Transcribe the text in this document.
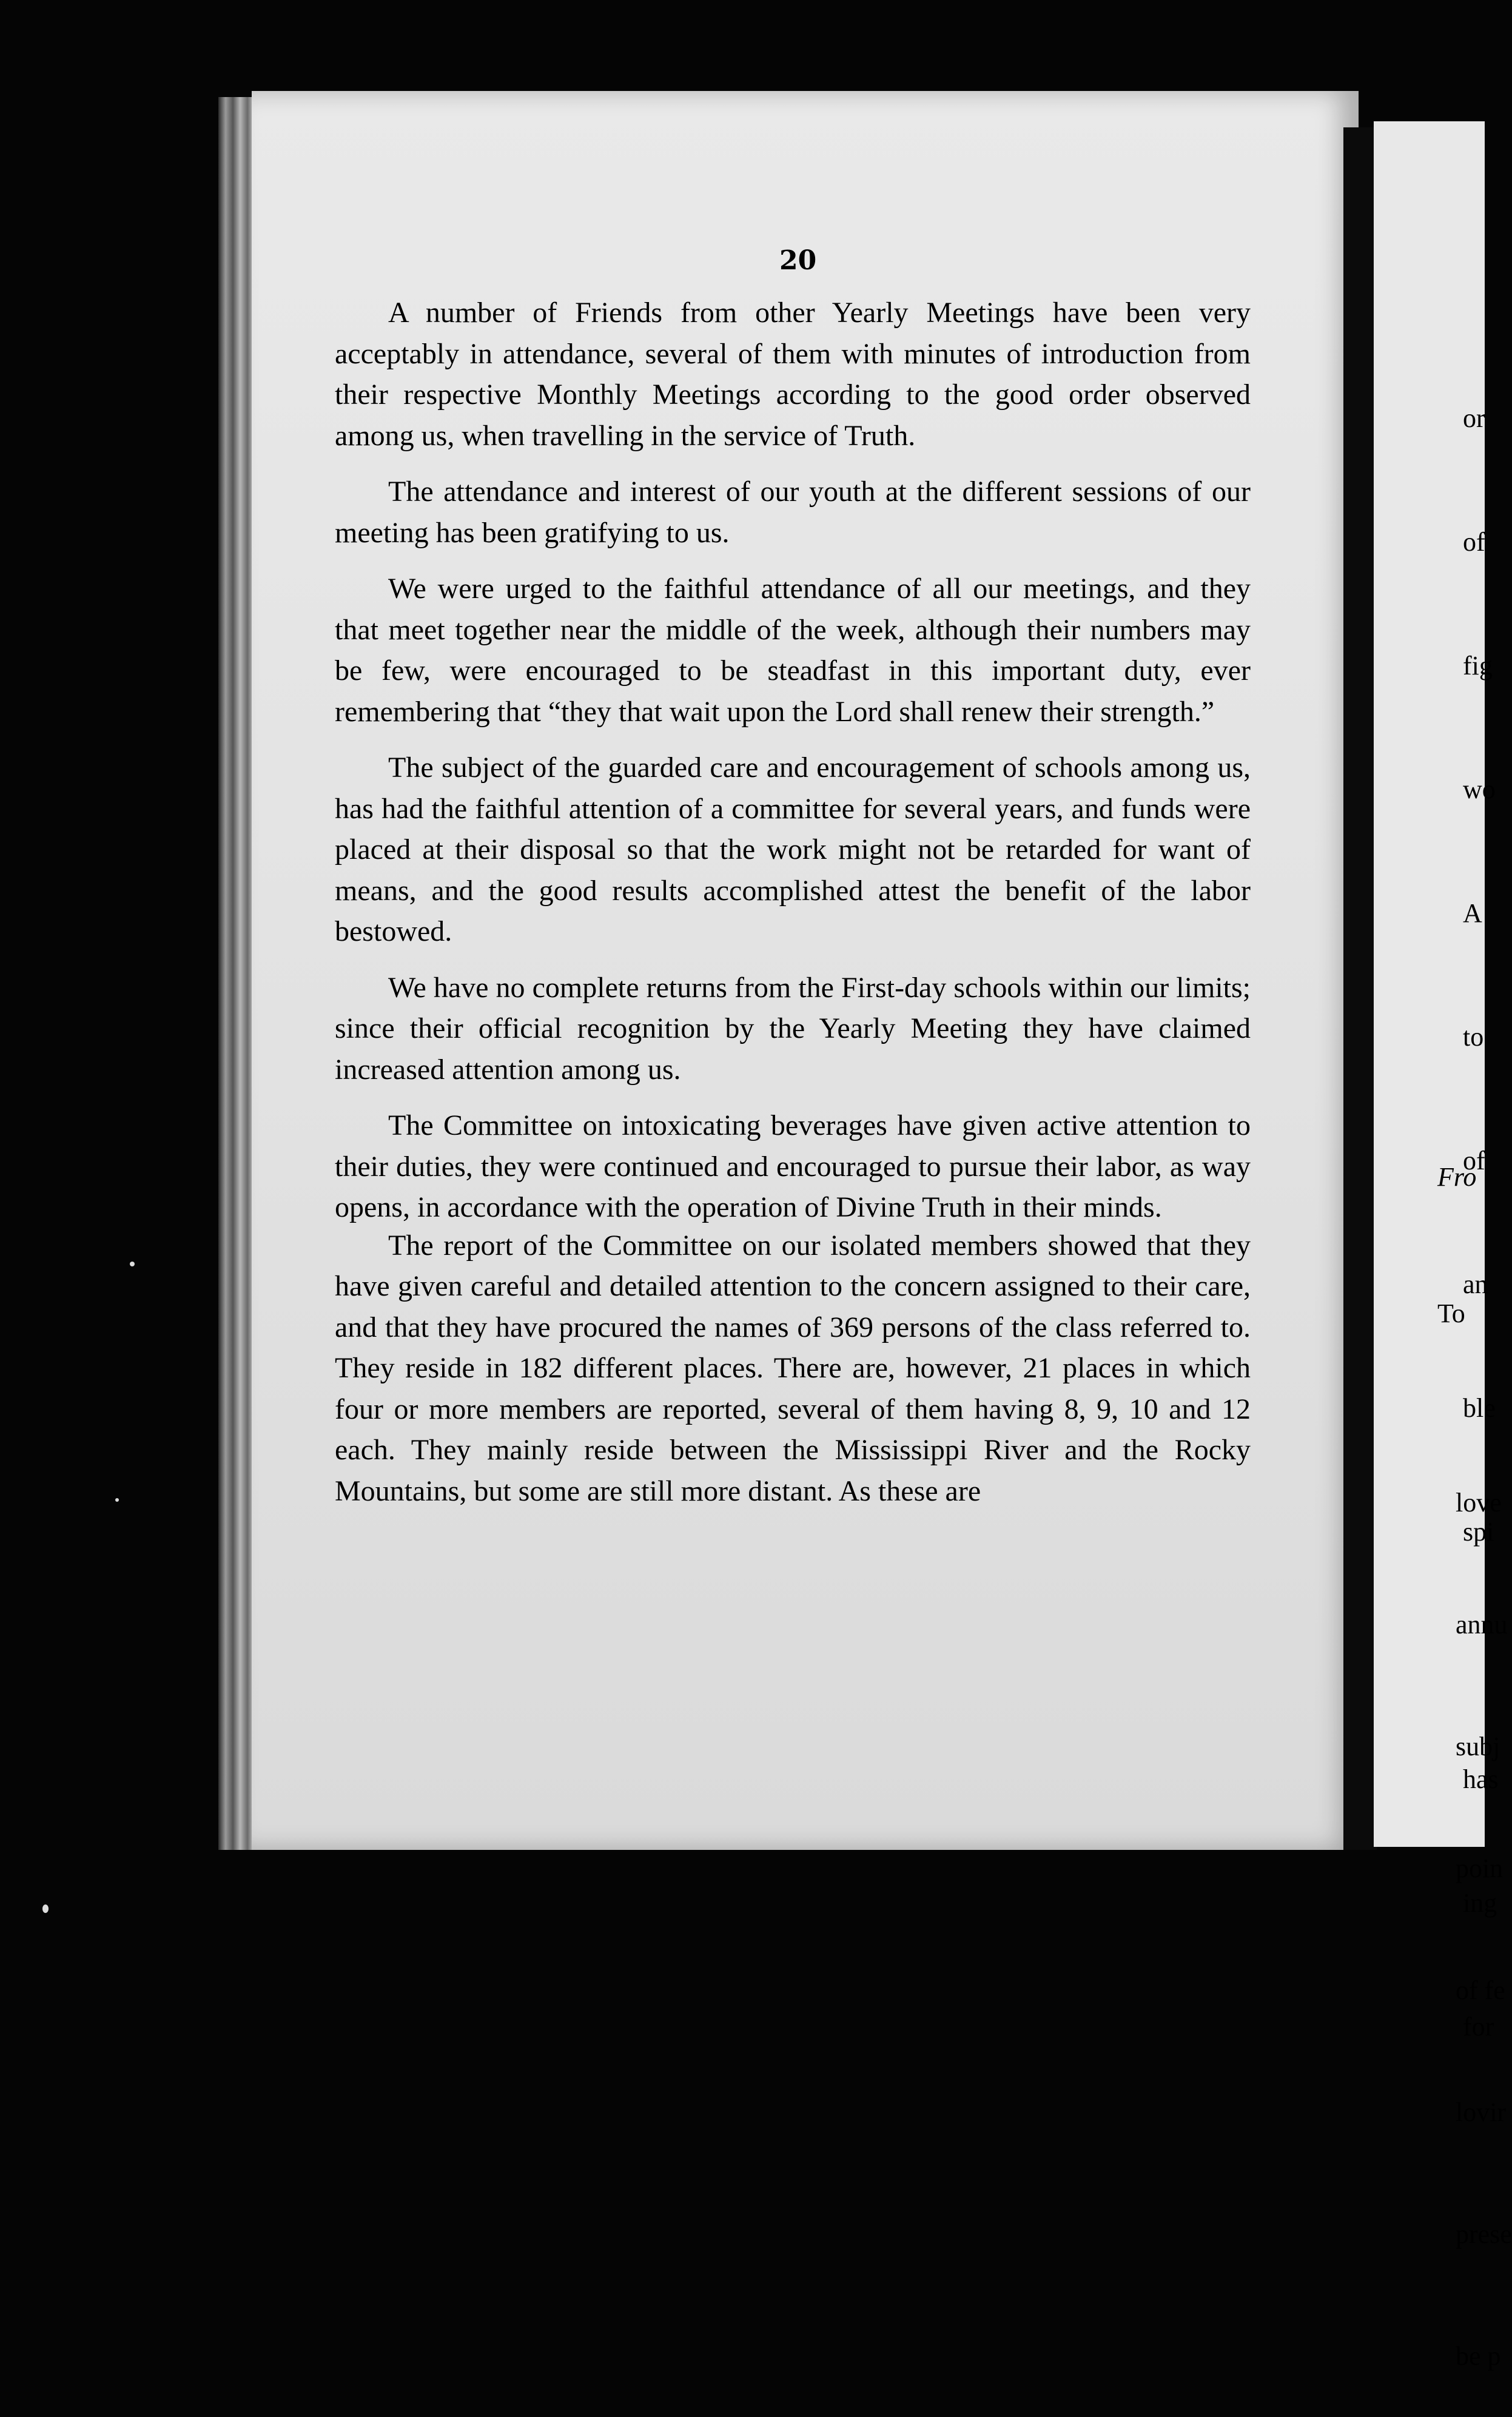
20

A number of Friends from other Yearly Meetings have been very acceptably in attendance, several of them with minutes of introduction from their respective Monthly Meetings according to the good order observed among us, when travelling in the service of Truth.

The attendance and interest of our youth at the different sessions of our meeting has been gratifying to us.

We were urged to the faithful attendance of all our meetings, and they that meet together near the middle of the week, although their numbers may be few, were encouraged to be steadfast in this important duty, ever remembering that “they that wait upon the Lord shall renew their strength.”

The subject of the guarded care and encouragement of schools among us, has had the faithful attention of a committee for several years, and funds were placed at their disposal so that the work might not be retarded for want of means, and the good results accomplished attest the benefit of the labor bestowed.

We have no complete returns from the First-day schools within our limits; since their official recognition by the Yearly Meeting they have claimed increased attention among us.

The Committee on intoxicating beverages have given active attention to their duties, they were continued and encouraged to pursue their labor, as way opens, in accordance with the operation of Divine Truth in their minds.

The report of the Committee on our isolated members showed that they have given careful and detailed attention to the concern assigned to their care, and that they have procured the names of 369 persons of the class referred to. They reside in 182 different places. There are, however, 21 places in which four or more members are reported, several of them having 8, 9, 10 and 12 each. They mainly reside between the Mississippi River and the Rocky Mountains, but some are still more distant. As these are

or

of

fig

wo

A

to

of

an

ble

spi

has

ing

for

Fro
To

love

annu

subj

poin

of fe

lovir

prese

be p
